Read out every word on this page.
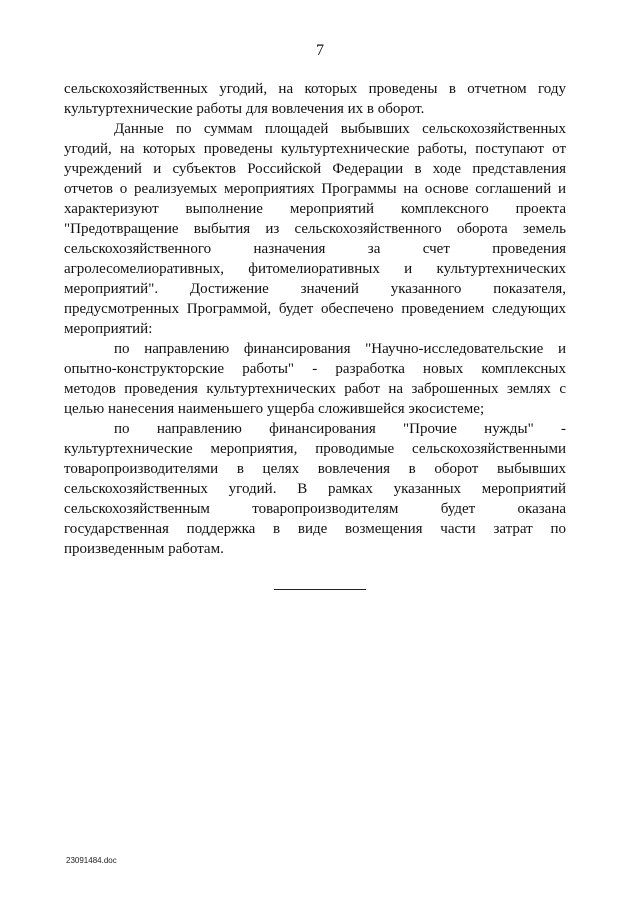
7
сельскохозяйственных угодий, на которых проведены в отчетном году
культуртехнические работы для вовлечения их в оборот.
Данные по суммам площадей выбывших сельскохозяйственных
угодий, на которых проведены культуртехнические работы, поступают от
учреждений и субъектов Российской Федерации в ходе представления
отчетов о реализуемых мероприятиях Программы на основе соглашений и
характеризуют выполнение мероприятий комплексного проекта
"Предотвращение выбытия из сельскохозяйственного оборота земель
сельскохозяйственного назначения за счет проведения
агролесомелиоративных, фитомелиоративных и культуртехнических
мероприятий". Достижение значений указанного показателя,
предусмотренных Программой, будет обеспечено проведением следующих
мероприятий:
по направлению финансирования "Научно-исследовательские и
опытно-конструкторские работы" - разработка новых комплексных
методов проведения культуртехнических работ на заброшенных землях с
целью нанесения наименьшего ущерба сложившейся экосистеме;
по направлению финансирования "Прочие нужды" -
культуртехнические мероприятия, проводимые сельскохозяйственными
товаропроизводителями в целях вовлечения в оборот выбывших
сельскохозяйственных угодий. В рамках указанных мероприятий
сельскохозяйственным товаропроизводителям будет оказана
государственная поддержка в виде возмещения части затрат по
произведенным работам.
23091484.doc
